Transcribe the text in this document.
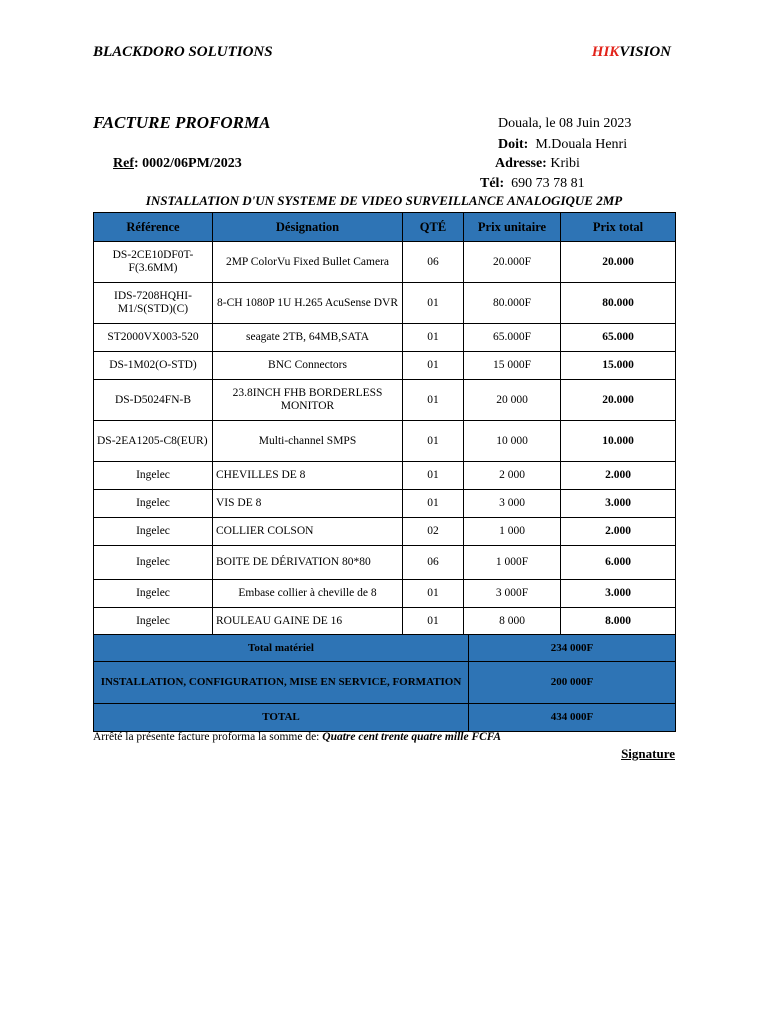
BLACKDORO SOLUTIONS	HIKVISION
FACTURE PROFORMA	Douala, le 08 Juin 2023
Doit: M.Douala Henri
Adresse: Kribi
Tél: 690 73 78 81
Ref: 0002/06PM/2023
INSTALLATION D'UN SYSTEME DE VIDEO SURVEILLANCE ANALOGIQUE 2MP
Référence	Désignation	QTÉ	Prix unitaire	Prix total
DS-2CE10DF0T-F(3.6MM)	2MP ColorVu Fixed Bullet Camera	06	20.000F	20.000
IDS-7208HQHI-M1/S(STD)(C)	8-CH 1080P 1U H.265 AcuSense DVR	01	80.000F	80.000
ST2000VX003-520	seagate 2TB, 64MB,SATA	01	65.000F	65.000
DS-1M02(O-STD)	BNC Connectors	01	15 000F	15.000
DS-D5024FN-B	23.8INCH FHB BORDERLESS MONITOR	01	20 000	20.000
DS-2EA1205-C8(EUR)	Multi-channel SMPS	01	10 000	10.000
Ingelec	CHEVILLES DE 8	01	2 000	2.000
Ingelec	VIS DE 8	01	3 000	3.000
Ingelec	COLLIER COLSON	02	1 000	2.000
Ingelec	BOITE DE DÉRIVATION 80*80	06	1 000F	6.000
Ingelec	Embase collier à cheville de 8	01	3 000F	3.000
Ingelec	ROULEAU GAINE DE 16	01	8 000	8.000
Total matériel	234 000F
INSTALLATION, CONFIGURATION, MISE EN SERVICE, FORMATION	200 000F
TOTAL	434 000F
Arrêté la présente facture proforma la somme de: Quatre cent trente quatre mille FCFA
Signature
